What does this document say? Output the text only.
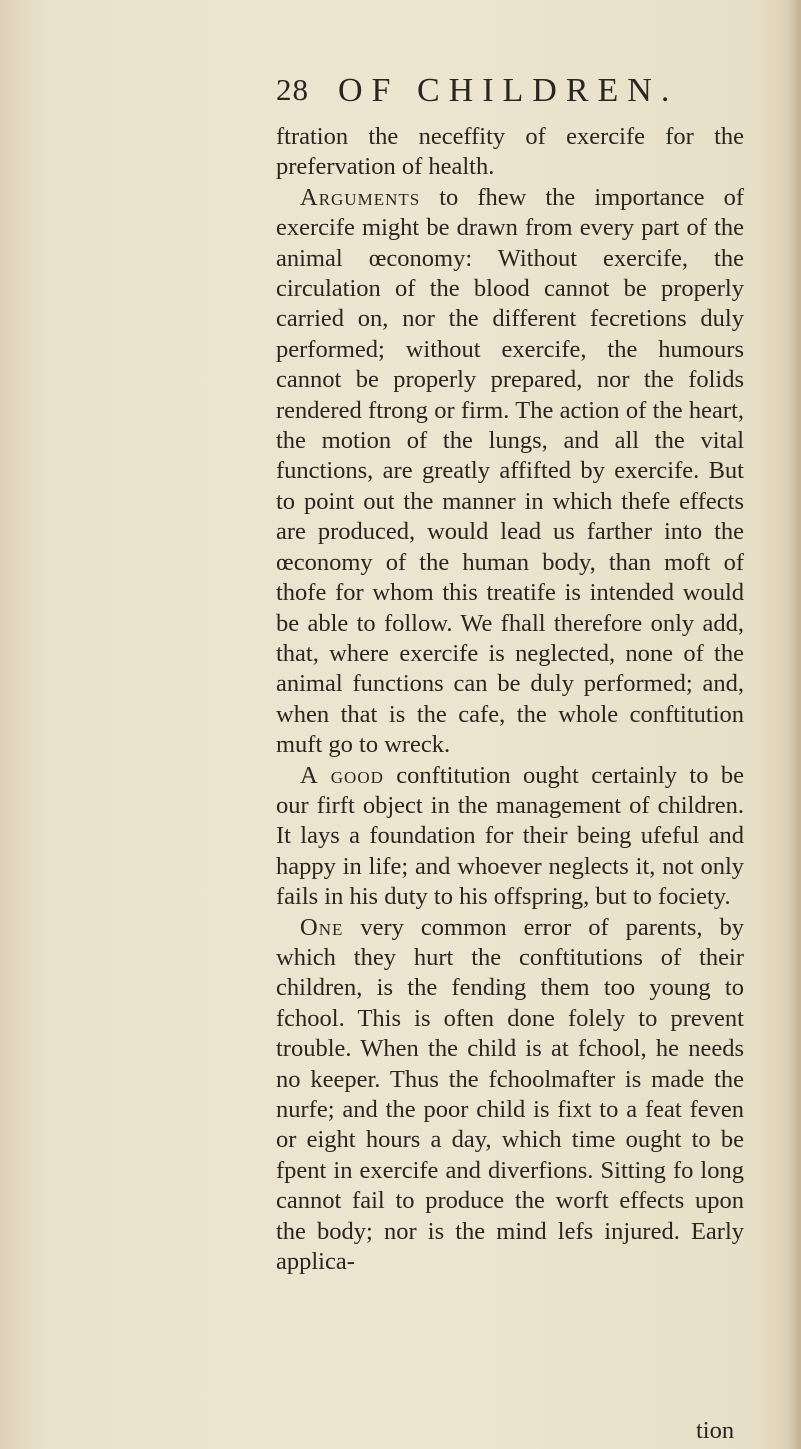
28 OF CHILDREN.

ftration the neceffity of exercife for the prefervation of health.

Arguments to fhew the importance of exercife might be drawn from every part of the animal œconomy: Without exercife, the circulation of the blood cannot be properly carried on, nor the different fecretions duly performed; without exercife, the humours cannot be properly prepared, nor the folids rendered ftrong or firm. The action of the heart, the motion of the lungs, and all the vital functions, are greatly affifted by exercife. But to point out the manner in which thefe effects are produced, would lead us farther into the œconomy of the human body, than moft of thofe for whom this treatife is intended would be able to follow. We fhall therefore only add, that, where exercife is neglected, none of the animal functions can be duly performed; and, when that is the cafe, the whole conftitution muft go to wreck.

A good conftitution ought certainly to be our firft object in the management of children. It lays a foundation for their being ufeful and happy in life; and whoever neglects it, not only fails in his duty to his offspring, but to fociety.

One very common error of parents, by which they hurt the conftitutions of their children, is the fending them too young to fchool. This is often done folely to prevent trouble. When the child is at fchool, he needs no keeper. Thus the fchoolmafter is made the nurfe; and the poor child is fixt to a feat feven or eight hours a day, which time ought to be fpent in exercife and diverfions. Sitting fo long cannot fail to produce the worft effects upon the body; nor is the mind lefs injured. Early applica-

tion
